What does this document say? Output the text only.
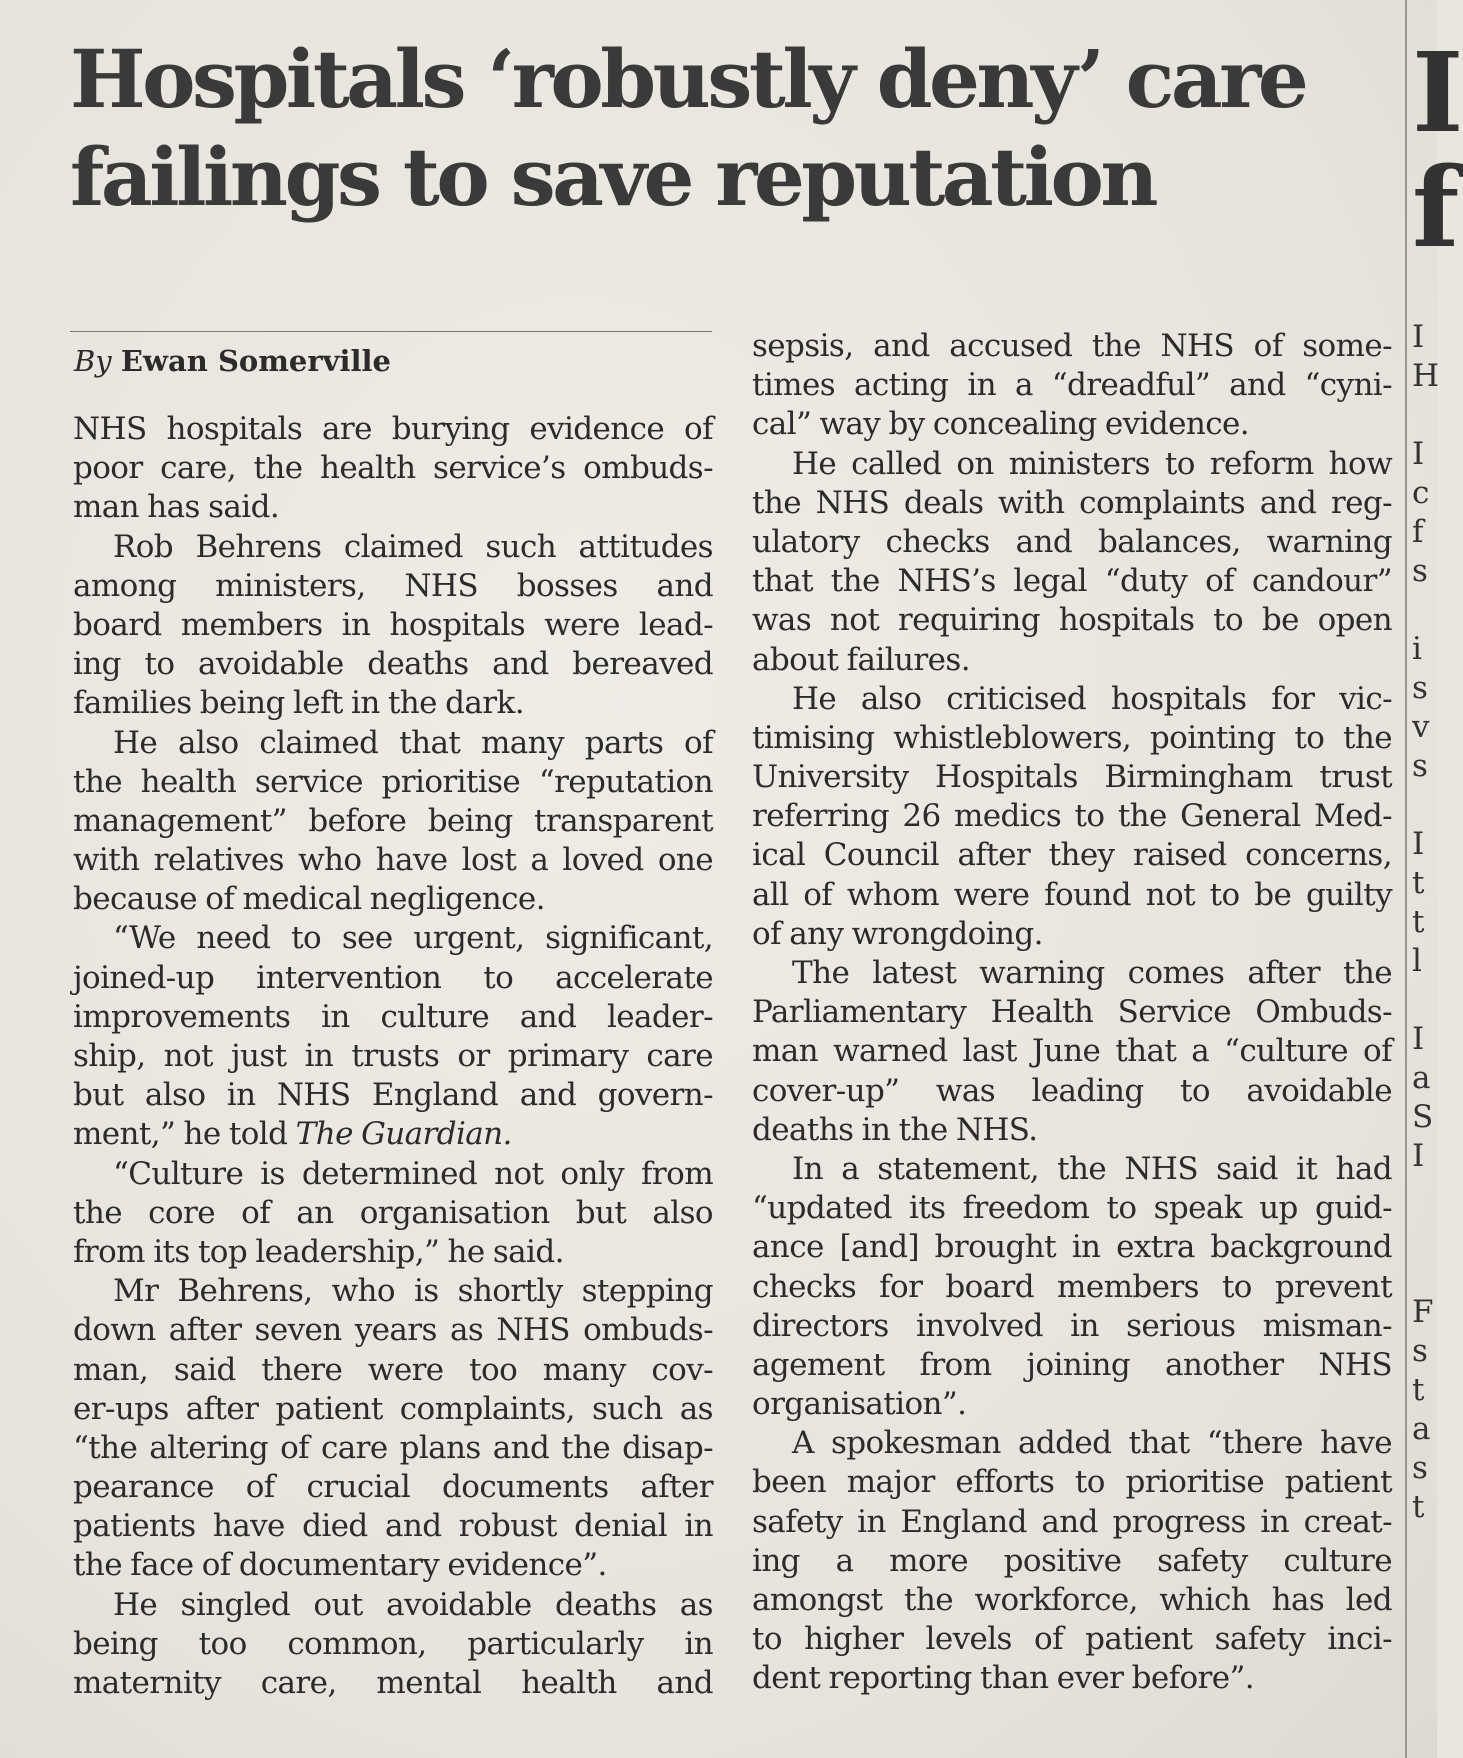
Hospitals ‘robustly deny’ care
failings to save reputation
By Ewan Somerville
NHS hospitals are burying evidence of
poor care, the health service’s ombuds-
man has said.
Rob Behrens claimed such attitudes
among ministers, NHS bosses and
board members in hospitals were lead-
ing to avoidable deaths and bereaved
families being left in the dark.
He also claimed that many parts of
the health service prioritise “reputation
management” before being transparent
with relatives who have lost a loved one
because of medical negligence.
“We need to see urgent, significant,
joined-up intervention to accelerate
improvements in culture and leader-
ship, not just in trusts or primary care
but also in NHS England and govern-
ment,” he told The Guardian.
“Culture is determined not only from
the core of an organisation but also
from its top leadership,” he said.
Mr Behrens, who is shortly stepping
down after seven years as NHS ombuds-
man, said there were too many cov-
er-ups after patient complaints, such as
“the altering of care plans and the disap-
pearance of crucial documents after
patients have died and robust denial in
the face of documentary evidence”.
He singled out avoidable deaths as
being too common, particularly in
maternity care, mental health and
sepsis, and accused the NHS of some-
times acting in a “dreadful” and “cyni-
cal” way by concealing evidence.
He called on ministers to reform how
the NHS deals with complaints and reg-
ulatory checks and balances, warning
that the NHS’s legal “duty of candour”
was not requiring hospitals to be open
about failures.
He also criticised hospitals for vic-
timising whistleblowers, pointing to the
University Hospitals Birmingham trust
referring 26 medics to the General Med-
ical Council after they raised concerns,
all of whom were found not to be guilty
of any wrongdoing.
The latest warning comes after the
Parliamentary Health Service Ombuds-
man warned last June that a “culture of
cover-up” was leading to avoidable
deaths in the NHS.
In a statement, the NHS said it had
“updated its freedom to speak up guid-
ance [and] brought in extra background
checks for board members to prevent
directors involved in serious misman-
agement from joining another NHS
organisation”.
A spokesman added that “there have
been major efforts to prioritise patient
safety in England and progress in creat-
ing a more positive safety culture
amongst the workforce, which has led
to higher levels of patient safety inci-
dent reporting than ever before”.
I
f
I
H
I
c
f
s
i
s
v
s
I
t
t
l
I
a
S
I
F
s
t
a
s
t
